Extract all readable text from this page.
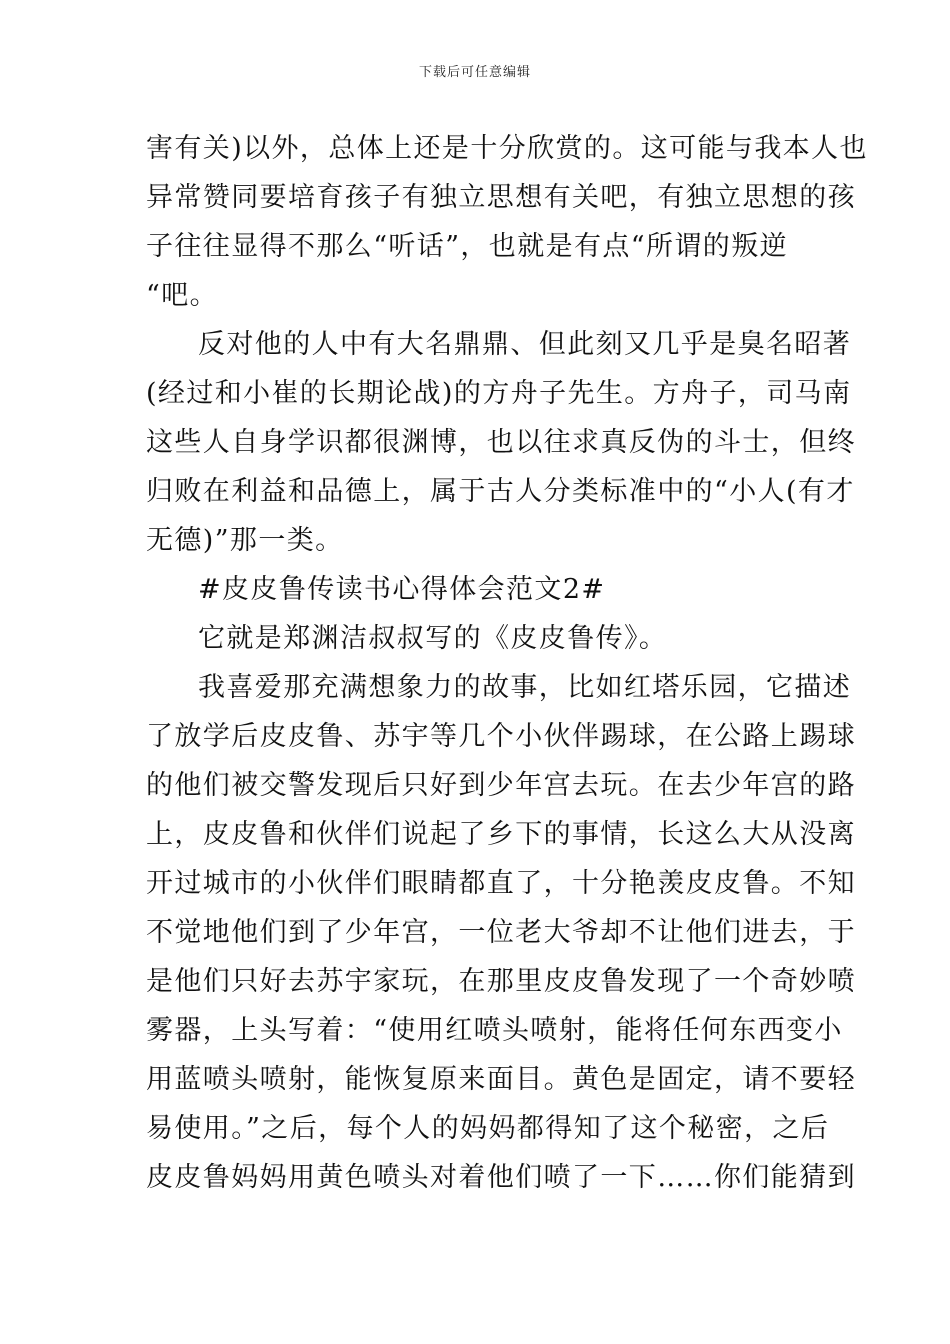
下载后可任意编辑
害有关)以外，总体上还是十分欣赏的。这可能与我本人也
异常赞同要培育孩子有独立思想有关吧，有独立思想的孩
子往往显得不那么“听话”，也就是有点“所谓的叛逆
“吧。
反对他的人中有大名鼎鼎、但此刻又几乎是臭名昭著
(经过和小崔的长期论战)的方舟子先生。方舟子，司马南
这些人自身学识都很渊博，也以往求真反伪的斗士，但终
归败在利益和品德上，属于古人分类标准中的“小人(有才
无德)”那一类。
#皮皮鲁传读书心得体会范文2#
它就是郑渊洁叔叔写的《皮皮鲁传》。
我喜爱那充满想象力的故事，比如红塔乐园，它描述
了放学后皮皮鲁、苏宇等几个小伙伴踢球，在公路上踢球
的他们被交警发现后只好到少年宫去玩。在去少年宫的路
上，皮皮鲁和伙伴们说起了乡下的事情，长这么大从没离
开过城市的小伙伴们眼睛都直了，十分艳羡皮皮鲁。不知
不觉地他们到了少年宫，一位老大爷却不让他们进去，于
是他们只好去苏宇家玩，在那里皮皮鲁发现了一个奇妙喷
雾器，上头写着：“使用红喷头喷射，能将任何东西变小
用蓝喷头喷射，能恢复原来面目。黄色是固定，请不要轻
易使用。”之后，每个人的妈妈都得知了这个秘密，之后
皮皮鲁妈妈用黄色喷头对着他们喷了一下……你们能猜到
